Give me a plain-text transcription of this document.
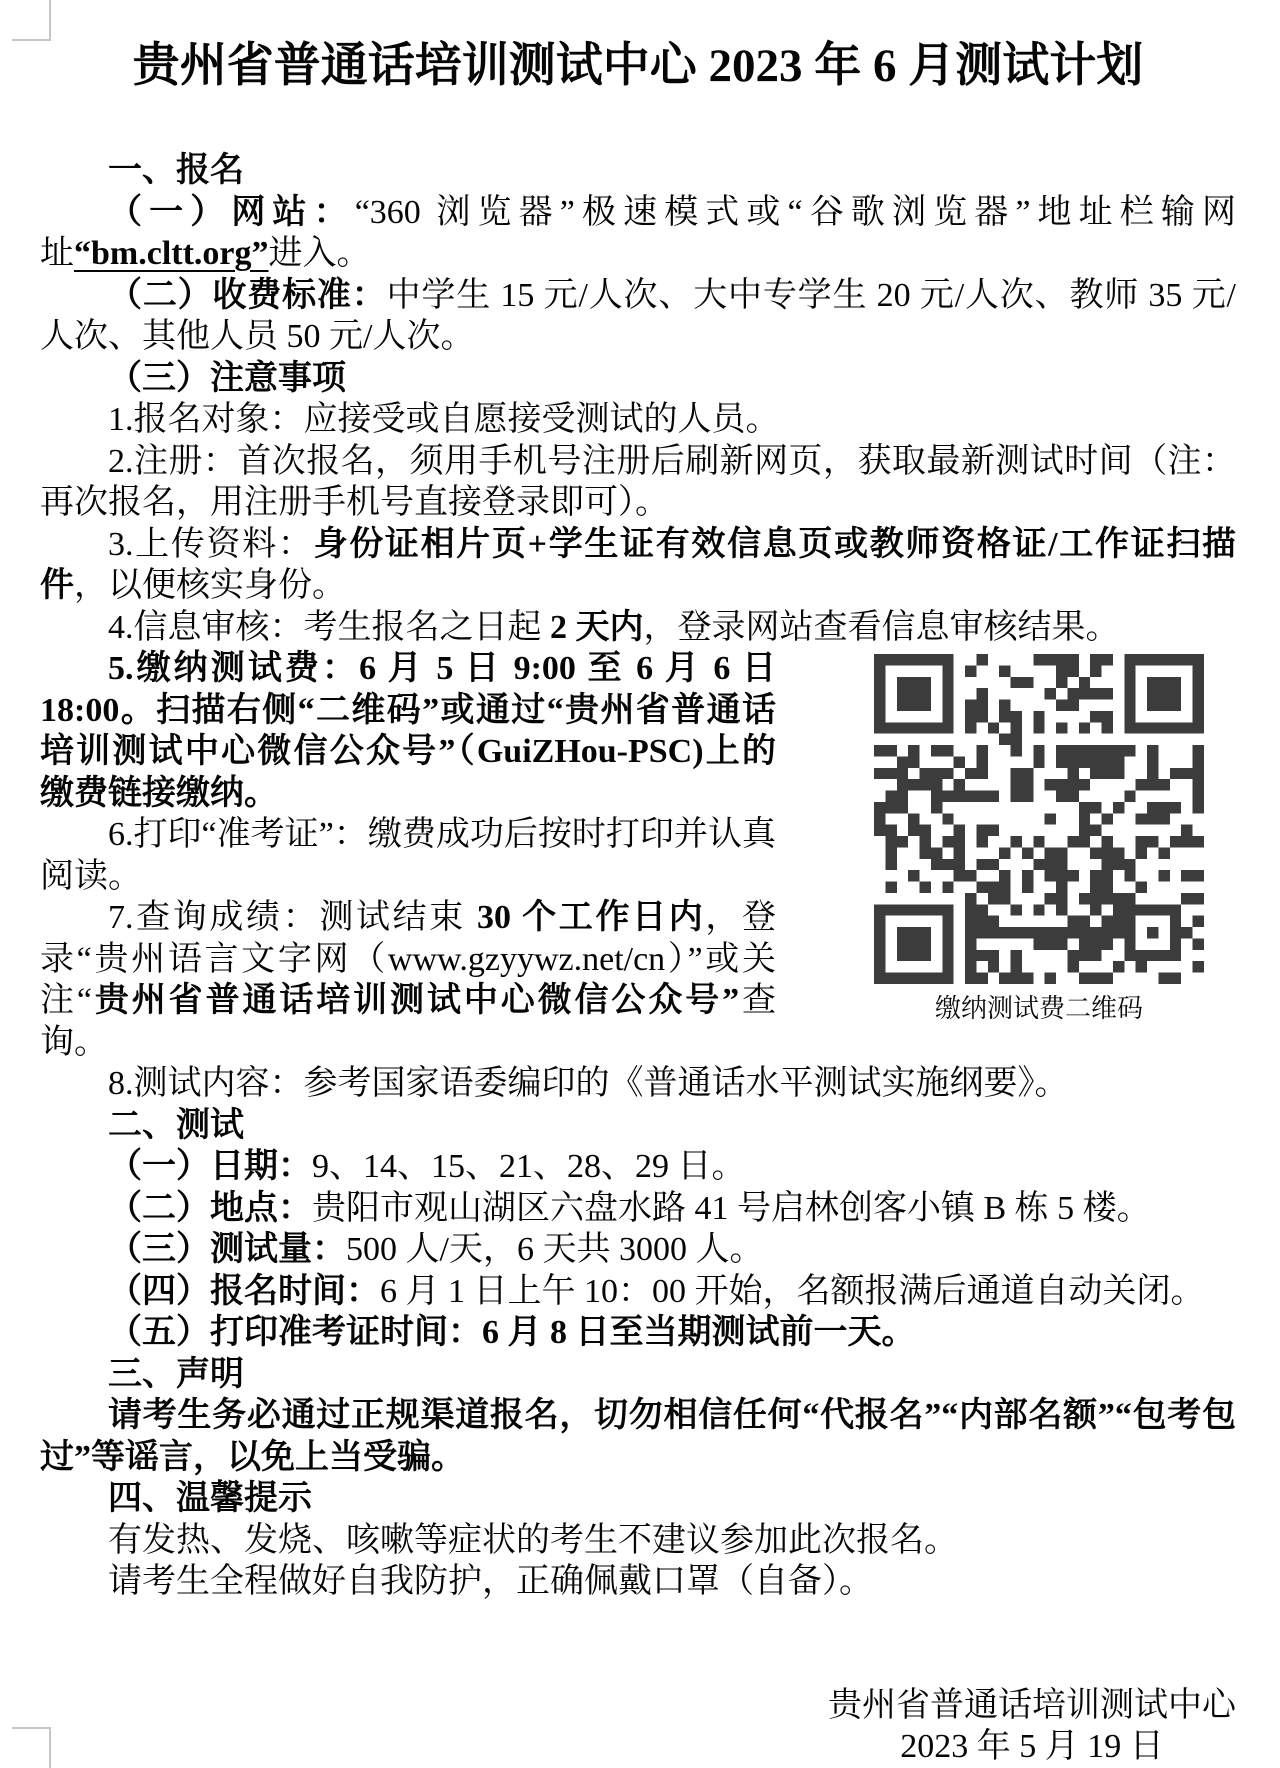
贵州省普通话培训测试中心 2023 年 6 月测试计划

一、报名

（一）网站：“360 浏览器”极速模式或“谷歌浏览器”地址栏输网址“bm.cltt.org”进入。

（二）收费标准：中学生 15 元/人次、大中专学生 20 元/人次、教师 35 元/人次、其他人员 50 元/人次。

（三）注意事项

1.报名对象：应接受或自愿接受测试的人员。

2.注册：首次报名，须用手机号注册后刷新网页，获取最新测试时间（注：再次报名，用注册手机号直接登录即可）。

3.上传资料：身份证相片页+学生证有效信息页或教师资格证/工作证扫描件，以便核实身份。

4.信息审核：考生报名之日起 2 天内，登录网站查看信息审核结果。

缴纳测试费二维码

5.缴纳测试费：6 月 5 日 9:00 至 6 月 6 日 18:00。扫描右侧“二维码”或通过“贵州省普通话培训测试中心微信公众号”（GuiZHou-PSC)上的缴费链接缴纳。

6.打印“准考证”：缴费成功后按时打印并认真阅读。

7.查询成绩：测试结束 30 个工作日内，登录“贵州语言文字网（www.gzyywz.net/cn）”或关注“贵州省普通话培训测试中心微信公众号”查询。

8.测试内容：参考国家语委编印的《普通话水平测试实施纲要》。

二、测试

（一）日期：9、14、15、21、28、29 日。

（二）地点：贵阳市观山湖区六盘水路 41 号启林创客小镇 B 栋 5 楼。

（三）测试量：500 人/天，6 天共 3000 人。

（四）报名时间：6 月 1 日上午 10：00 开始，名额报满后通道自动关闭。

（五）打印准考证时间：6 月 8 日至当期测试前一天。

三、声明

请考生务必通过正规渠道报名，切勿相信任何“代报名”“内部名额”“包考包过”等谣言，以免上当受骗。

四、温馨提示

有发热、发烧、咳嗽等症状的考生不建议参加此次报名。

请考生全程做好自我防护，正确佩戴口罩（自备）。

贵州省普通话培训测试中心

2023 年 5 月 19 日
